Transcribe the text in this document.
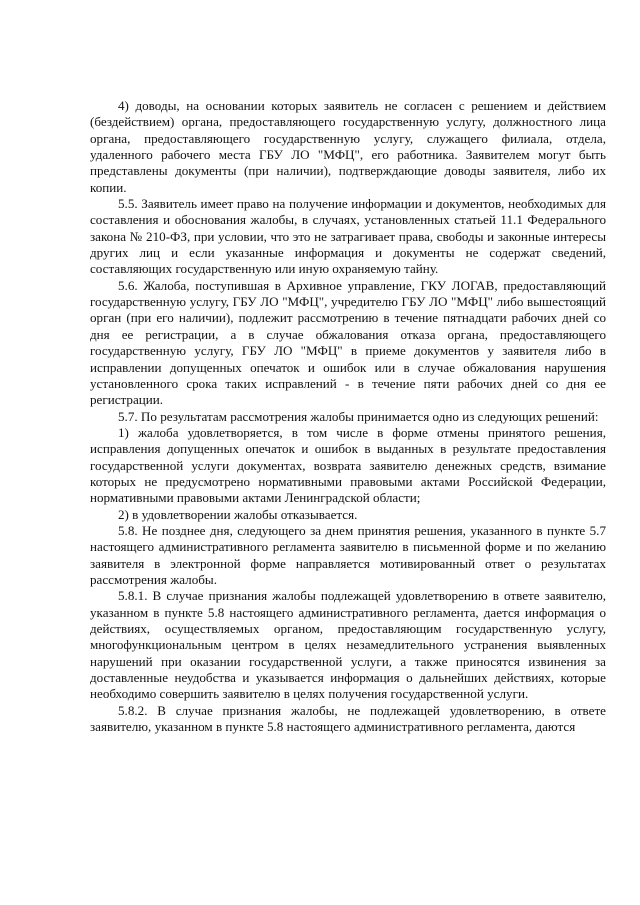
4) доводы, на основании которых заявитель не согласен с решением и действием (бездействием) органа, предоставляющего государственную услугу, должностного лица органа, предоставляющего государственную услугу, служащего филиала, отдела, удаленного рабочего места ГБУ ЛО "МФЦ", его работника. Заявителем могут быть представлены документы (при наличии), подтверждающие доводы заявителя, либо их копии.

5.5. Заявитель имеет право на получение информации и документов, необходимых для составления и обоснования жалобы, в случаях, установленных статьей 11.1 Федерального закона № 210-ФЗ, при условии, что это не затрагивает права, свободы и законные интересы других лиц и если указанные информация и документы не содержат сведений, составляющих государственную или иную охраняемую тайну.

5.6. Жалоба, поступившая в Архивное управление, ГКУ ЛОГАВ, предоставляющий государственную услугу, ГБУ ЛО "МФЦ", учредителю ГБУ ЛО "МФЦ" либо вышестоящий орган (при его наличии), подлежит рассмотрению в течение пятнадцати рабочих дней со дня ее регистрации, а в случае обжалования отказа органа, предоставляющего государственную услугу, ГБУ ЛО "МФЦ" в приеме документов у заявителя либо в исправлении допущенных опечаток и ошибок или в случае обжалования нарушения установленного срока таких исправлений - в течение пяти рабочих дней со дня ее регистрации.

5.7. По результатам рассмотрения жалобы принимается одно из следующих решений:

1) жалоба удовлетворяется, в том числе в форме отмены принятого решения, исправления допущенных опечаток и ошибок в выданных в результате предоставления государственной услуги документах, возврата заявителю денежных средств, взимание которых не предусмотрено нормативными правовыми актами Российской Федерации, нормативными правовыми актами Ленинградской области;

2) в удовлетворении жалобы отказывается.

5.8. Не позднее дня, следующего за днем принятия решения, указанного в пункте 5.7 настоящего административного регламента заявителю в письменной форме и по желанию заявителя в электронной форме направляется мотивированный ответ о результатах рассмотрения жалобы.

5.8.1. В случае признания жалобы подлежащей удовлетворению в ответе заявителю, указанном в пункте 5.8 настоящего административного регламента, дается информация о действиях, осуществляемых органом, предоставляющим государственную услугу, многофункциональным центром в целях незамедлительного устранения выявленных нарушений при оказании государственной услуги, а также приносятся извинения за доставленные неудобства и указывается информация о дальнейших действиях, которые необходимо совершить заявителю в целях получения государственной услуги.

5.8.2. В случае признания жалобы, не подлежащей удовлетворению, в ответе заявителю, указанном в пункте 5.8 настоящего административного регламента, даются
